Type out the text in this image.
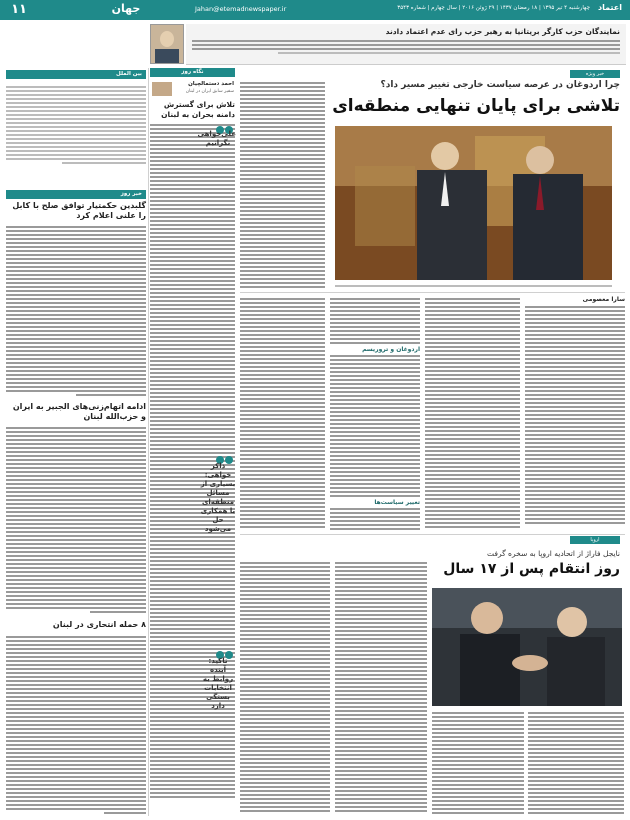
۱۱	جهان	Jahan@etemadnewspaper.ir	چهارشنبه ۴ تیر ۱۳۹۵ | ۱۸ رمضان ۱۴۳۷ | ۲۹ ژوئن ۲۰۱۶ | سال چهارم | شماره ۳۵۴۳ اعتماد
نمایندگان حزب کارگر بریتانیا به رهبر حزب رای عدم اعتماد دادند
بین الملل
خبر روز
گلبدین حکمتیار توافق صلح با کابل را علنی اعلام کرد
ادامه اتهام‌زنی‌های الجبیر به ایران و حزب‌الله لبنان
۸ حمله انتحاری در لبنان
نگاه روز
احمد دستمالچیان
سفیر سابق ایران در لبنان
تلاش برای گسترش دامنه بحران به لبنان
خبر ویژه
چرا اردوغان در عرصه سیاست خارجی تغییر مسیر داد؟
تلاشی برای پایان تنهایی منطقه‌ای
اردوغان و تروریسم
تغییر سیاست‌ها
سارا معصومی
علی‌خواهی نگرانیم
ذاکر خواهی: بسیاری از مسائل منطقه‌ای با همکاری حل می‌شود
تاکید: آینده روابط به انتخابات بستگی دارد
اروپا
نایجل فاراژ از اتحادیه اروپا به سخره گرفت
روز انتقام پس از ۱۷ سال
